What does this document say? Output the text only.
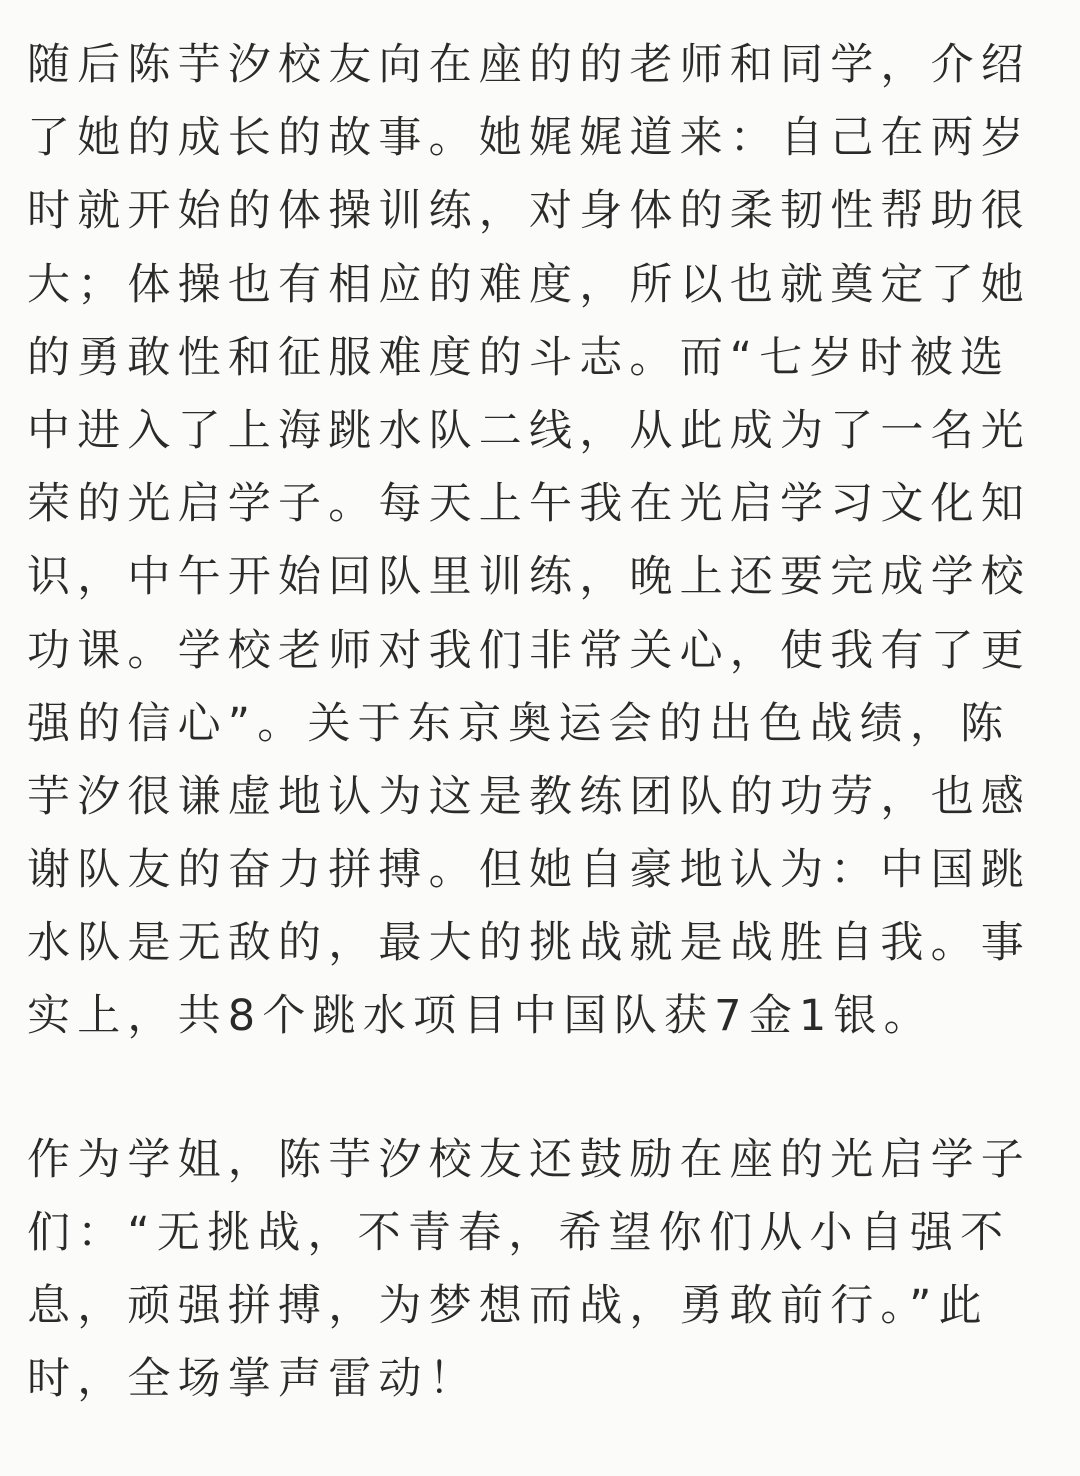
随后陈芋汐校友向在座的的老师和同学，介绍
了她的成长的故事。她娓娓道来：自己在两岁
时就开始的体操训练，对身体的柔韧性帮助很
大；体操也有相应的难度，所以也就奠定了她
的勇敢性和征服难度的斗志。而“七岁时被选
中进入了上海跳水队二线，从此成为了一名光
荣的光启学子。每天上午我在光启学习文化知
识，中午开始回队里训练，晚上还要完成学校
功课。学校老师对我们非常关心，使我有了更
强的信心”。关于东京奥运会的出色战绩，陈
芋汐很谦虚地认为这是教练团队的功劳，也感
谢队友的奋力拼搏。但她自豪地认为：中国跳
水队是无敌的，最大的挑战就是战胜自我。事
实上，共8个跳水项目中国队获7金1银。
作为学姐，陈芋汐校友还鼓励在座的光启学子
们：“无挑战，不青春，希望你们从小自强不
息，顽强拼搏，为梦想而战，勇敢前行。”此
时，全场掌声雷动！
